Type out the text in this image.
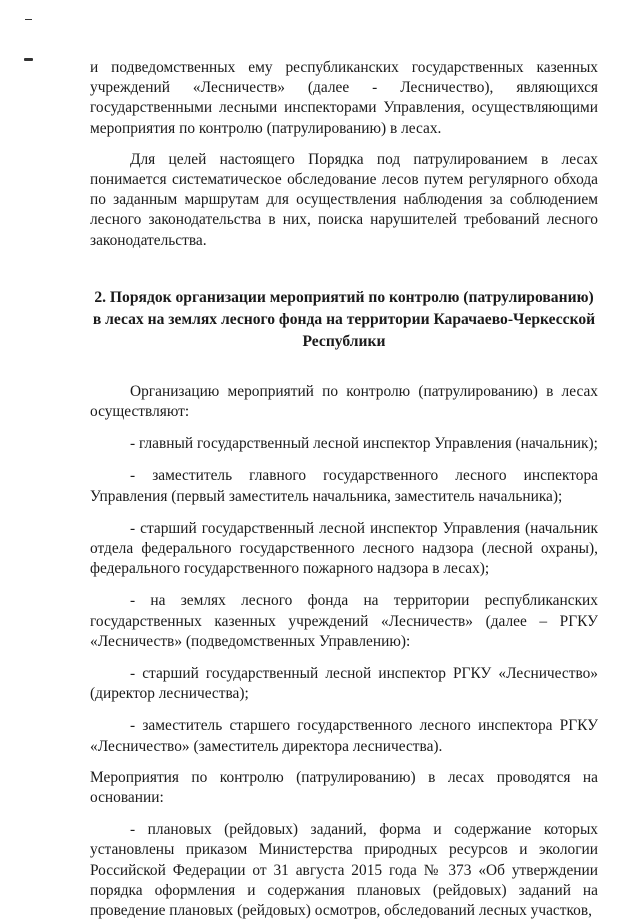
и подведомственных ему республиканских государственных казенных учреждений «Лесничеств» (далее - Лесничество), являющихся государственными лесными инспекторами Управления, осуществляющими мероприятия по контролю (патрулированию) в лесах.

Для целей настоящего Порядка под патрулированием в лесах понимается систематическое обследование лесов путем регулярного обхода по заданным маршрутам для осуществления наблюдения за соблюдением лесного законодательства в них, поиска нарушителей требований лесного законодательства.

2. Порядок организации мероприятий по контролю (патрулированию) в лесах на землях лесного фонда на территории Карачаево-Черкесской Республики

Организацию мероприятий по контролю (патрулированию) в лесах осуществляют:

- главный государственный лесной инспектор Управления (начальник);

- заместитель главного государственного лесного инспектора Управления (первый заместитель начальника, заместитель начальника);

- старший государственный лесной инспектор Управления (начальник отдела федерального государственного лесного надзора (лесной охраны), федерального государственного пожарного надзора в лесах);

- на землях лесного фонда на территории республиканских государственных казенных учреждений «Лесничеств» (далее – РГКУ «Лесничеств» (подведомственных Управлению):

- старший государственный лесной инспектор РГКУ «Лесничество» (директор лесничества);

- заместитель старшего государственного лесного инспектора РГКУ «Лесничество» (заместитель директора лесничества).

Мероприятия по контролю (патрулированию) в лесах проводятся на основании:

- плановых (рейдовых) заданий, форма и содержание которых установлены приказом Министерства природных ресурсов и экологии Российской Федерации от 31 августа 2015 года № 373 «Об утверждении порядка оформления и содержания плановых (рейдовых) заданий на проведение плановых (рейдовых) осмотров, обследований лесных участков,
